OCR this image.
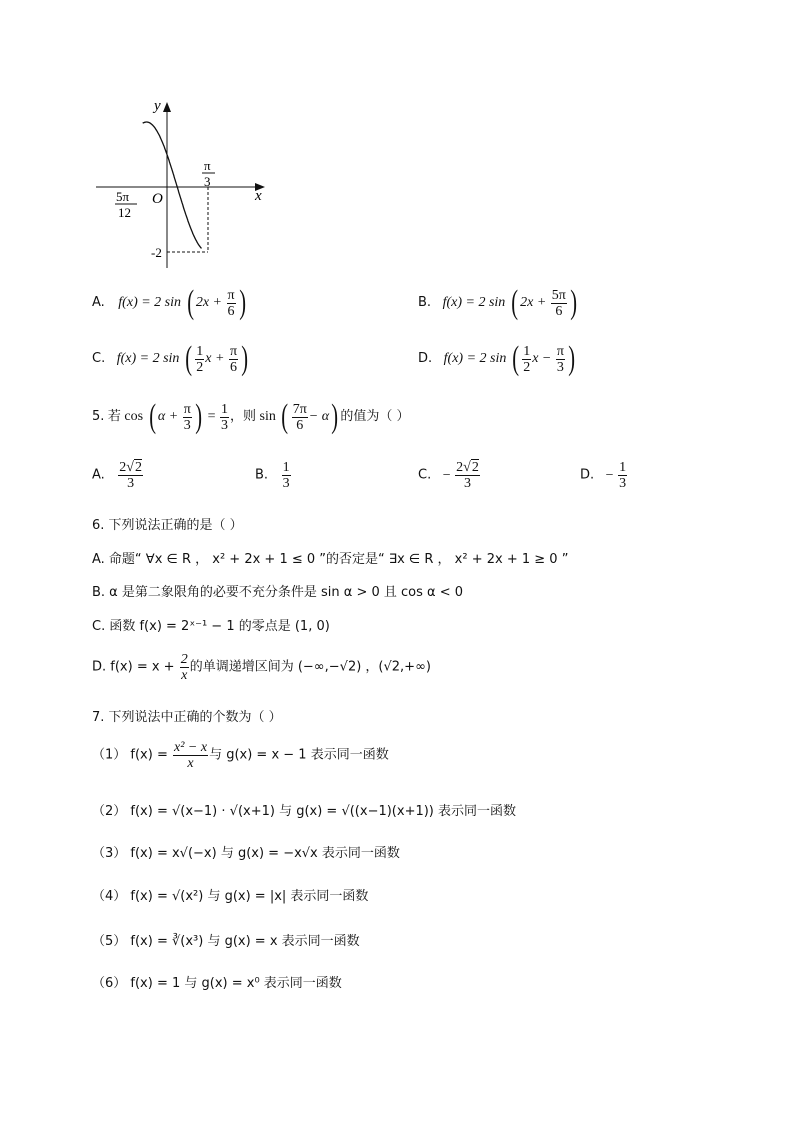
y
x
O
5π
12
π
3
-2
A. f(x) = 2 sin ( $2x + \frac{\pi}{6}$ )	B. f(x) = 2 sin ( $2x + \frac{5\pi}{6}$ )
C. f(x) = 2 sin ( $\frac{1}{2}$ $x + \frac{\pi}{6}$ )	D. f(x) = 2 sin ( $\frac{1}{2}$ $x - \frac{\pi}{3}$ )
5. 若 cos ( $\alpha + \frac{\pi}{3}$ ) = $\frac{1}{3}$ ，则 sin ( $\frac{7\pi}{6} - \alpha$) 的值为（ ）
A. $\frac{2√2}{3}$	B. $\frac{1}{3}$	C. − $\frac{2√2}{3}$	D. − $\frac{1}{3}$
6. 下列说法正确的是（ ）
A. 命题“ ∀x ∈ R ， x² + 2x + 1 ≤ 0 ”的否定是“ ∃x ∈ R ， x² + 2x + 1 ≥ 0 ”
B. α 是第二象限角的必要不充分条件是 sin α > 0 且 cos α < 0
C. 函数 f(x) = 2ˣ⁻¹ − 1 的零点是 (1, 0)
D. $f(x) = x + \frac{2}{x}$ 的单调递增区间为 (−∞,−√2) ，(√2,+∞)
7. 下列说法中正确的个数为（ ）
（1） $f(x) = \frac{\text{x² − x}}{x}$ 与 g(x) = x − 1 表示同一函数
（2） f(x) = √(x−1) · √(x+1) 与 g(x) = √((x−1)(x+1)) 表示同一函数
（3） f(x) = x√(−x) 与 g(x) = −x√x 表示同一函数
（4） f(x) = √(x²) 与 g(x) = |x| 表示同一函数
（5） f(x) = ∛(x³) 与 g(x) = x 表示同一函数
（6） f(x) = 1 与 g(x) = x⁰ 表示同一函数
